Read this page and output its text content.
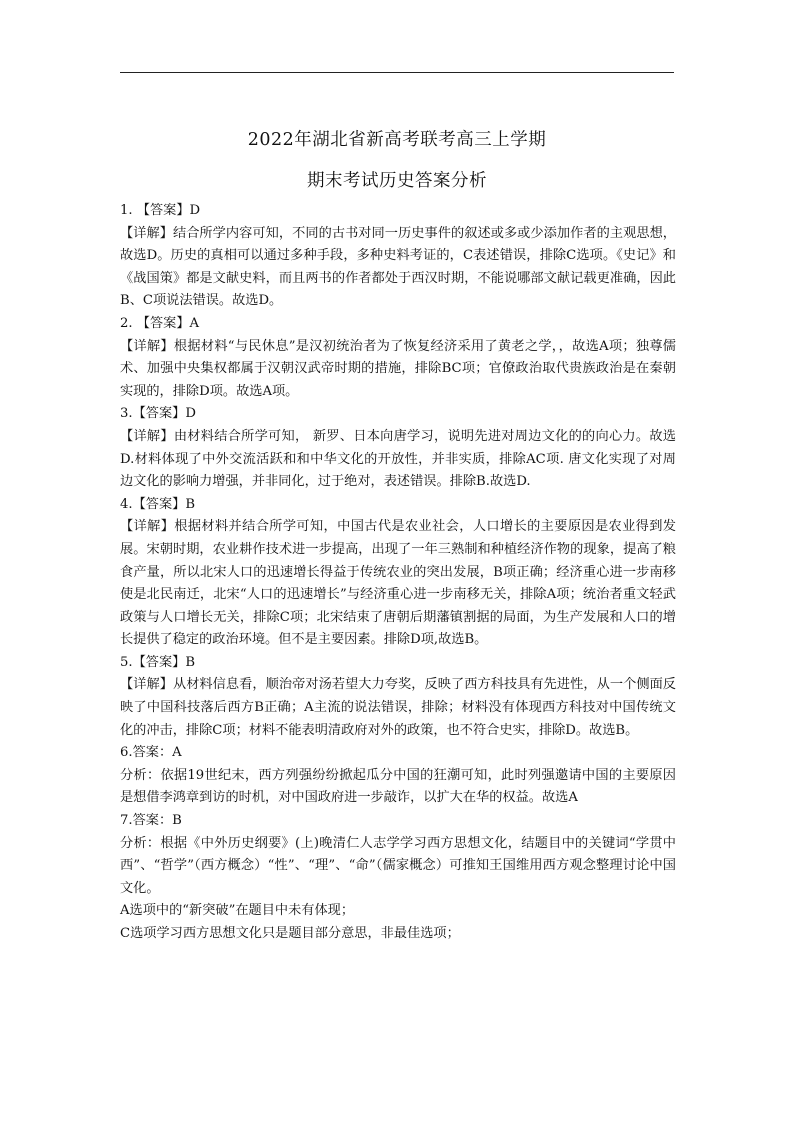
2022年湖北省新高考联考高三上学期
期末考试历史答案分析

1. 【答案】D

【详解】结合所学内容可知，不同的古书对同一历史事件的叙述或多或少添加作者的主观思想，故选D。历史的真相可以通过多种手段，多种史料考证的，C表述错误，排除C选项。《史记》和《战国策》都是文献史料，而且两书的作者都处于西汉时期，不能说哪部文献记载更准确，因此B、C项说法错误。故选D。

2. 【答案】A

【详解】根据材料“与民休息”是汉初统治者为了恢复经济采用了黄老之学，，故选A项；独尊儒术、加强中央集权都属于汉朝汉武帝时期的措施，排除BC项；官僚政治取代贵族政治是在秦朝实现的，排除D项。故选A项。

3.【答案】D

【详解】由材料结合所学可知， 新罗、日本向唐学习，说明先进对周边文化的的向心力。故选D.材料体现了中外交流活跃和和中华文化的开放性，并非实质，排除AC项. 唐文化实现了对周边文化的影响力增强，并非同化，过于绝对，表述错误。排除B.故选D.

4.【答案】B

【详解】根据材料并结合所学可知，中国古代是农业社会，人口增长的主要原因是农业得到发展。宋朝时期，农业耕作技术进一步提高，出现了一年三熟制和种植经济作物的现象，提高了粮食产量，所以北宋人口的迅速增长得益于传统农业的突出发展，B项正确；经济重心进一步南移使是北民南迁，北宋“人口的迅速增长”与经济重心进一步南移无关，排除A项；统治者重文轻武政策与人口增长无关，排除C项；北宋结束了唐朝后期藩镇割据的局面，为生产发展和人口的增长提供了稳定的政治环境。但不是主要因素。排除D项,故选B。

5.【答案】B

【详解】从材料信息看，顺治帝对汤若望大力夸奖，反映了西方科技具有先进性，从一个侧面反映了中国科技落后西方B正确；A主流的说法错误，排除；材料没有体现西方科技对中国传统文化的冲击，排除C项；材料不能表明清政府对外的政策，也不符合史实，排除D。故选B。

6.答案：A

分析：依据19世纪末，西方列强纷纷掀起瓜分中国的狂潮可知，此时列强邀请中国的主要原因是想借李鸿章到访的时机，对中国政府进一步敲诈，以扩大在华的权益。故选A

7.答案：B

分析：根据《中外历史纲要》(上)晚清仁人志学学习西方思想文化，结题目中的关键词“学贯中西”、“哲学”（西方概念）“性”、“理”、“命”（儒家概念）可推知王国维用西方观念整理讨论中国文化。

A选项中的“新突破”在题目中未有体现；

C选项学习西方思想文化只是题目部分意思，非最佳选项；
